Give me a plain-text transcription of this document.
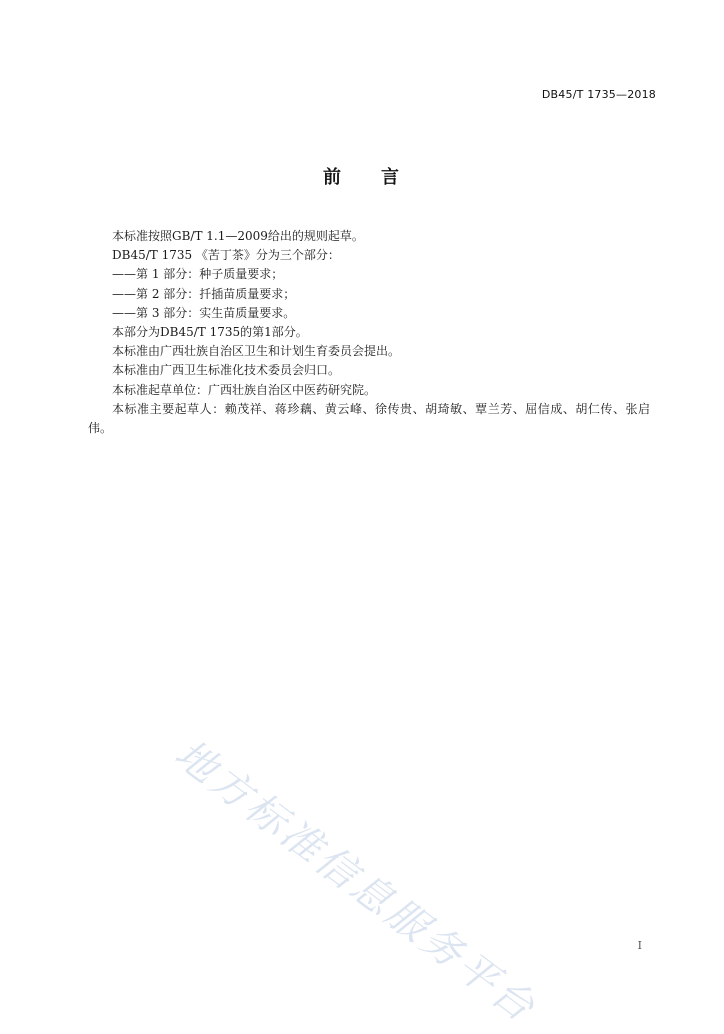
DB45/T 1735—2018
前 言

本标准按照GB/T 1.1—2009给出的规则起草。

DB45/T 1735 《苦丁茶》分为三个部分：

——第 1 部分：种子质量要求；

——第 2 部分：扦插苗质量要求；

——第 3 部分：实生苗质量要求。

本部分为DB45/T 1735的第1部分。

本标准由广西壮族自治区卫生和计划生育委员会提出。

本标准由广西卫生标准化技术委员会归口。

本标准起草单位：广西壮族自治区中医药研究院。

本标准主要起草人：赖茂祥、蒋珍藕、黄云峰、徐传贵、胡琦敏、覃兰芳、屈信成、胡仁传、张启伟。

地方标准信息服务平台	I
